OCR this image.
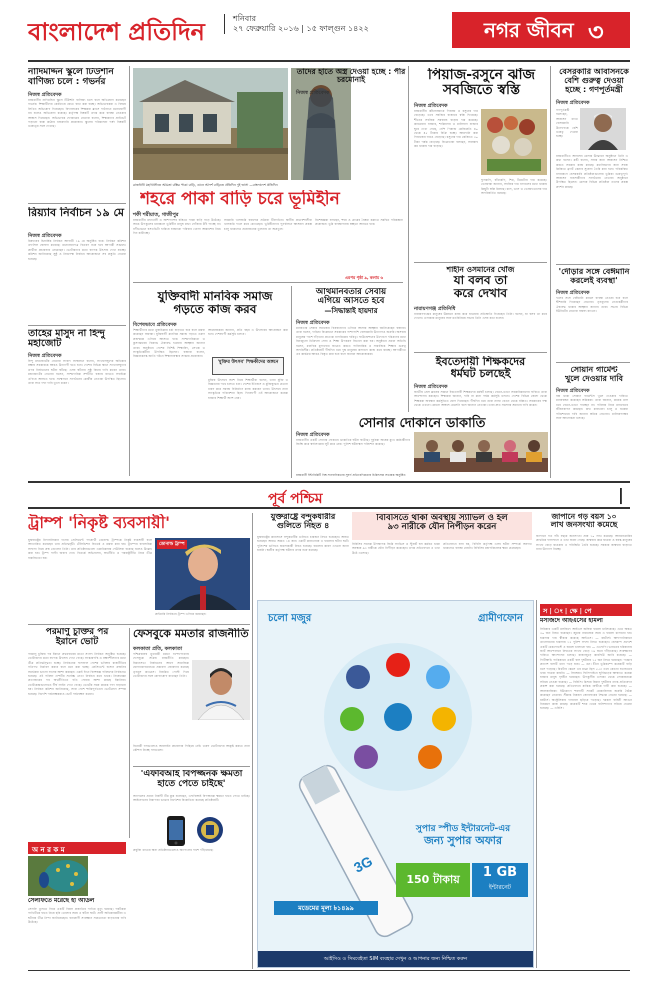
বাংলাদেশ প্রতিদিন	শনিবার
২৭ ফেব্রুয়ারি ২০১৬ | ১৫ ফাল্গুন ১৪২২	নগর জীবন ৩
নাদিমদ্দিন স্কুলে টিউশনি বাণিজ্য চলে : গভর্নর
নিজস্ব প্রতিবেদক
রাজধানীর নাদিমদ্দিন স্কুলে টিউশনি বাণিজ্য চলে বলে অভিযোগ করেছেন গভর্নর। শিক্ষার্থীদের কোচিংয়ে যেতে বাধ্য করা হচ্ছে। অভিভাবকরা এ বিষয়ে লিখিত অভিযোগ দিয়েছেন। বিদ্যালয়ের শিক্ষকরা ক্লাসে পাঠদানে মনোযোগী নন বলেও অভিযোগ রয়েছে। কর্তৃপক্ষ বিষয়টি তদন্ত করে ব্যবস্থা নেওয়ার আশ্বাস দিয়েছেন। অভিভাবক ফোরামের নেতারা বলেন, শিক্ষকদের প্রাইভেট পড়ানো বন্ধে কঠোর নজরদারি প্রয়োজন। স্কুলের পরিচালনা পর্ষদ বিষয়টি গুরুত্বের সঙ্গে দেখছে।
রিয়্যাব নির্বাচন ১৯ মে
নিজস্ব প্রতিবেদক
রিয়্যাবের দ্বিবার্ষিক নির্বাচন আগামী ১৯ মে অনুষ্ঠিত হবে। নির্বাচন কমিশন তফসিল ঘোষণা করেছে। মনোনয়নপত্র বিতরণ শুরু হবে আগামী সপ্তাহে। প্রার্থীরা প্রচারণায় নেমেছেন। ভোটারদের মধ্যে ব্যাপক উৎসাহ দেখা যাচ্ছে। কমিশন জানিয়েছে সুষ্ঠু ও নিরপেক্ষ নির্বাচন আয়োজনে সব প্রস্তুতি নেওয়া হয়েছে।
তাহের মাসুদ না হিন্দু মহাজোট
নিজস্ব প্রতিবেদক
হিন্দু মহাজোটের নেতারা সংবাদ সম্মেলনে বলেন, সংখ্যালঘুদের অধিকার রক্ষায় সরকারকে আরও উদ্যোগী হতে হবে। দেশের বিভিন্ন স্থানে সংখ্যালঘুদের ওপর নির্যাতনের ঘটনা ঘটছে। এসব ঘটনার সুষ্ঠু বিচার দাবি করেন তারা। মহাজোটের নেতারা বলেন, সাম্প্রদায়িক সম্প্রীতি বজায় রাখতে সবাইকে এগিয়ে আসতে হবে। সম্মেলনে সংগঠনের কেন্দ্রীয় নেতারা উপস্থিত ছিলেন। তারা সাত দফা দাবি তুলে ধরেন।
রাজধানী মহাখালীতে আমতা বস্তির পাকা বাড়ি, ডানে আদর্শ বাড়িতে প্রতিদিন দুই ভাসা —বাংলাদেশ প্রতিদিন
শহরে পাকা বাড়ি চরে ভূমিহীন
শফী শরীয়াত, গাজীপুর
রাজধানীর মহাখালী ও আশপাশের বস্তিতে পাকা বাড়ি গড়ে উঠেছে। অথচ উপকূলের চরাঞ্চলে ভূমিহীন মানুষ মাথা গোঁজার ঠাঁই পাচ্ছে না। নদীভাঙনে বসতভিটা হারিয়ে হাজারো পরিবার খোলা আকাশের নিচে দিন কাটাচ্ছে।
সরকারি খাসজমি বরাদ্দের প্রক্রিয়া ধীরগতির। স্থানীয় প্রভাবশালীরা খাসজমি দখল করে রেখেছেন। ভূমিহীনদের পুনর্বাসনে আশ্রয়ণ প্রকল্প চালু থাকলেও প্রয়োজনের তুলনায় তা অপ্রতুল।
বিশেষজ্ঞরা বলছেন, শহর ও গ্রামের বৈষম্য কমাতে সমন্বিত পরিকল্পনা প্রয়োজন। ভূমি ব্যবস্থাপনায় স্বচ্ছতা আনতে হবে।
এরপর পৃষ্ঠা ৯, কলাম ৬
যুক্তিবাদী মানবিক সমাজ
গড়তে কাজ করব
বিশেষভাবে প্রতিবেদক
শিক্ষার্থীদের মধ্যে মুক্তচিন্তার চর্চা বাড়াতে হবে বলে মন্তব্য করেছেন বক্তারা। যুক্তিবাদী মানবিক সমাজ গড়তে তরুণ প্রজন্মকে এগিয়ে আসতে হবে। সাম্প্রদায়িকতা ও কুসংস্কারের বিরুদ্ধে ঐক্যবদ্ধ হওয়ার আহ্বান জানান তারা। অনুষ্ঠানে দেশের বিশিষ্ট শিক্ষাবিদ, লেখক ও সংস্কৃতিকর্মীরা উপস্থিত ছিলেন। বক্তারা বলেন, বিজ্ঞানমনস্ক জাতি গঠনে শিক্ষাব্যবস্থার সংস্কার প্রয়োজন।
আয়োজকরা জানান, প্রতি বছর এ উৎসবের আয়োজন করা হবে। দেশব্যাপী কর্মসূচি চলবে।
'মুক্তির উৎসব' শিক্ষকীদের অঙ্গনে
মুক্তির উৎসবে অংশ নিয়ে শিক্ষার্থীরা বলেন, তারা যুক্তি ও বিজ্ঞানের পথে চলতে চান। দেশের ইতিহাস ও মুক্তিযুদ্ধের চেতনা ধারণ করে সমাজ বিনির্মাণে কাজ করবেন তারা। উৎসবে নানা সাংস্কৃতিক পরিবেশনা ছিল। দিনব্যাপী এই আয়োজনে কয়েক হাজার শিক্ষার্থী অংশ নেয়।
আর্থমানবতার সেবায়
এগিয়ে আসতে হবে
—সিদ্ধান্তাই হায়দার
নিজস্ব প্রতিবেদক
মানবতার সেবায় সমাজের বিত্তবানদের এগিয়ে আসার আহ্বান জানিয়েছেন বক্তারা। তারা বলেন, দারিদ্র্য বিমোচনে সরকারের পাশাপাশি বেসরকারি উদ্যোগও জরুরি। অসহায় মানুষের পাশে দাঁড়ানো প্রত্যেক নাগরিকের দায়িত্ব। ফাউন্ডেশনের উদ্যোগে দরিদ্রদের মধ্যে বিনামূল্যে চিকিৎসা সেবা ও শিক্ষা উপকরণ বিতরণ করা হয়। অনুষ্ঠানে প্রধান অতিথি বলেন, মানবিক মূল্যবোধ জাগ্রত করতে পারিবারিক ও সামাজিক শিক্ষার গুরুত্ব অপরিসীম। প্রতিষ্ঠানটি দীর্ঘদিন ধরে দুস্থ মানুষের কল্যাণে কাজ করে যাচ্ছে। আগামীতে এর কার্যক্রম আরও বিস্তৃত করা হবে বলে জানান আয়োজকরা।
তাদের হাতে অস্ত্র দেওয়া হচ্ছে : পীর চরমোনাই
নিজস্ব প্রতিবেদক
পিয়াজ-রসুনে ঝাঁজ
সবজিতে স্বস্তি
নিজস্ব প্রতিবেদক
রাজধানীর কাঁচাবাজারে পিয়াজ ও রসুনের দাম বেড়েছে। তবে সবজির বাজারে স্বস্তি ফিরেছে। শীতের সবজির সরবরাহ বাড়ায় দাম কমেছে। কারওয়ান বাজার, শান্তিনগর ও মালিবাগ বাজার ঘুরে দেখা গেছে, দেশি পিয়াজ কেজিপ্রতি ৪০ থেকে ৪৫ টাকায় বিক্রি হচ্ছে। আমদানি করা পিয়াজের দামও বেড়েছে। রসুনের দাম কেজিতে ২০ টাকা পর্যন্ত বেড়েছে। বিক্রেতারা বলছেন, সরবরাহ কম থাকায় দাম বাড়ছে।
ফুলকপি, বাঁধাকপি, শিম, টমেটোর দাম কমেছে। ভোক্তারা জানান, সবজির দাম নাগালের মধ্যে থাকায় কিছুটা স্বস্তি মিলছে। চাল, ডাল ও ভোজ্যতেলের দাম অপরিবর্তিত রয়েছে।
শাহীন ওসমানের খোঁজ
যা বলব তা
করে দেখাব
নারায়ণগঞ্জ প্রতিনিধি
নারায়ণগঞ্জের মানুষের উন্নয়নে কাজ করে যাওয়ার প্রতিশ্রুতি দিয়েছেন তিনি। বলেন, যা বলব তা করে দেখাব। এলাকার মানুষের সঙ্গে মতবিনিময় সভায় তিনি এসব কথা বলেন।
ইবতেদায়ী শিক্ষকদের
ধর্মঘট চলছেই
নিজস্ব প্রতিবেদক
জাতীয় প্রেস ক্লাবের সামনে ইবতেদায়ী শিক্ষকদের ধর্মঘট চলছে। বেতন-ভাতা সরকারিকরণের দাবিতে তারা আন্দোলন করছেন। শিক্ষকরা জানান, দাবি না মানা পর্যন্ত কর্মসূচি চলবে। দেশের বিভিন্ন জেলা থেকে শিক্ষকরা অবস্থান কর্মসূচিতে যোগ দিয়েছেন। দীর্ঘদিন ধরে তারা ন্যায্য বেতন থেকে বঞ্চিত। সরকারের পক্ষ থেকে এখনো কোনো আশ্বাস মেলেনি বলে জানান নেতারা। তারা দ্রুত সমস্যার সমাধান দাবি করেন।
বেসরকারি আবাসনকে
বেশি গুরুত্ব দেওয়া
হচ্ছে : গণপূর্তমন্ত্রী
নিজস্ব প্রতিবেদক
গণপূর্তমন্ত্রী বলেছেন, আবাসন খাতে বেসরকারি উদ্যোগকে বেশি গুরুত্ব দেওয়া হচ্ছে।
রাজধানীতে আবাসন মেলার উদ্বোধন অনুষ্ঠানে তিনি এ কথা বলেন। মন্ত্রী বলেন, সবার জন্য আবাসন নিশ্চিত করতে সরকার কাজ করছে। মধ্যবিত্তদের জন্য সহজ কিস্তিতে ফ্ল্যাট কেনার সুযোগ তৈরি করা হবে। পরিকল্পিত নগরায়ণে বেসরকারি প্রতিষ্ঠানগুলোর ভূমিকা গুরুত্বপূর্ণ। আবাসন ব্যবসায়ীদের সংগঠনের নেতারা অনুষ্ঠানে উপস্থিত ছিলেন। মেলায় বিভিন্ন প্রতিষ্ঠান তাদের প্রকল্প প্রদর্শন করছে।
'দৌড়ার সঙ্গে বেঈমানি
করলেই ব্যবস্থা'
নিজস্ব প্রতিবেদক
দলের সঙ্গে বেঈমানি করলে ব্যবস্থা নেওয়া হবে বলে হুঁশিয়ারি দিয়েছেন নেতারা। তৃণমূলের নেতাকর্মীদের ঐক্যবদ্ধ থাকার আহ্বান জানান তারা। সভায় বিভিন্ন ইউনিটের নেতারা বক্তব্য রাখেন।
সোয়ান গার্মেন্ট
খুলে দেওয়ার দাবি
নিজস্ব প্রতিবেদক
বন্ধ থাকা সোয়ান গার্মেন্টস খুলে দেওয়ার দাবিতে মানববন্ধন করেছেন শ্রমিকরা। তারা জানান, কয়েক মাস ধরে বেতন-ভাতা পাচ্ছেন না। পরিবার নিয়ে মানবেতর জীবনযাপন করছেন। দ্রুত কারখানা চালু ও বকেয়া পরিশোধের দাবি জানান শ্রমিক নেতারা। মালিকপক্ষের সঙ্গে আলোচনা চলছে।
সোনার দোকানে ডাকাতি
নিজস্ব প্রতিবেদক
রাজধানীর একটি সোনার দোকানে ডাকাতির ঘটনা ঘটেছে। দুর্বৃত্তরা অস্ত্রের মুখে কর্মচারীদের জিম্মি করে স্বর্ণালংকার লুট করে নেয়। পুলিশ ঘটনাস্থল পরিদর্শন করেছে।
রাজধানী ইন্টারিমিটি বিশ্ব সাংবাদিকতার সুবর্ণ প্রতিবেদিকতায় চিকিৎসক সভায়ক অনুষ্ঠিত
পূর্ব পশ্চিম	|
ট্রাম্প 'নিকৃষ্ট ব্যবসায়ী'
যুক্তরাষ্ট্রের রিপাবলিকান দলের প্রেসিডেন্ট পদপ্রার্থী ডোনাল্ড ট্রাম্পকে নিকৃষ্ট ব্যবসায়ী বলে আখ্যায়িত করেছেন তার প্রতিদ্বন্দ্বী। টেলিভিশন বিতর্কে এ মন্তব্য করা হয়। ট্রাম্পের ব্যবসায়িক সাফল্য নিয়ে প্রশ্ন তোলেন তিনি। তার প্রতিষ্ঠানগুলো একাধিকবার দেউলিয়া হয়েছে বলেও উল্লেখ করা হয়। ট্রাম্প পাল্টা জবাব দেন। বিতর্কে অভিবাসন, অর্থনীতি ও পররাষ্ট্রনীতি নিয়ে তীব্র বাকবিতণ্ডা হয়।
ডোনাল্ড ট্রাম্প
প্রাইমারি নির্বাচনে ট্রাম্প এগিয়ে রয়েছেন।
পরমাণু চুক্তির পর
ইরানে ভোট
পরমাণু চুক্তির পর ইরানে প্রথমবারের মতো সংসদ নির্বাচন অনুষ্ঠিত হয়েছে। ভোটারদের মধ্যে ব্যাপক উৎসাহ দেখা গেছে। সংস্কারপন্থি ও রক্ষণশীলদের মধ্যে তীব্র প্রতিদ্বন্দ্বিতা হচ্ছে। নির্বাচনের ফলাফল দেশের ভবিষ্যৎ রাজনীতির গতিপথ নির্ধারণ করবে বলে মনে করা হচ্ছে। প্রেসিডেন্ট হাসান রুহানির সমর্থকরা ভালো ফলের আশা করছেন। একই দিনে বিশেষজ্ঞ পরিষদের নির্বাচনও হয়েছে। এই পরিষদ দেশটির সর্বোচ্চ নেতা নির্বাচন করে থাকে। নিষেধাজ্ঞা প্রত্যাহারের পর অর্থনীতিতে গতি ফেরার আশা করছে ইরানিরা। ভোটকেন্দ্রগুলোতে দীর্ঘ লাইন দেখা গেছে। ভোটের সময় কয়েক দফা বাড়ানো হয়। নির্বাচন কমিশন জানিয়েছে, সারা দেশে শান্তিপূর্ণভাবে ভোটগ্রহণ সম্পন্ন হয়েছে। বিদেশি পর্যবেক্ষকরাও ভোট পর্যবেক্ষণ করেন।
ফেসবুকে মমতার রাজনীতি
কলকাতা প্রতি, কলকাতা
পশ্চিমবঙ্গের মুখ্যমন্ত্রী মমতা বন্দ্যোপাধ্যায় ফেসবুকে সক্রিয় রাজনীতি করছেন। বিধানসভা নির্বাচনের আগে সামাজিক যোগাযোগমাধ্যমে প্রচারণা জোরদার করেছে তৃণমূল কংগ্রেস। নিয়মিত পোস্ট দিয়ে ভোটারদের সঙ্গে যোগাযোগ রাখছেন তিনি।
বিরোধী দলগুলোও অনলাইন প্রচারণায় পিছিয়ে নেই। তরুণ ভোটারদের আকৃষ্ট করতে নানা কৌশল নিচ্ছে দলগুলো।
'এফবিআই বিপজ্জনক ক্ষমতা
হাতে পেতে চাইছে'
অ্যাপলের প্রধান নির্বাহী টিম কুক বলেছেন, এফবিআই বিপজ্জনক ক্ষমতা হাতে পেতে চাইছে। আইফোনের নিরাপত্তা ভাঙার নির্দেশের বিরোধিতা করেছে প্রতিষ্ঠানটি।
প্রযুক্তি খাতের অন্য প্রতিষ্ঠানগুলোও অ্যাপলের পাশে দাঁড়িয়েছে।
অ ন র ক ম
সেলফিতে মরেছে হাঁ আউল
সেলফি তুলতে গিয়ে একটি বিরল প্রজাতির পাখির মৃত্যু হয়েছে। পর্যটকরা পাখিটিকে হাতে নিয়ে ছবি তোলার সময় এ ঘটনা ঘটে। প্রাণী অধিকারকর্মীরা এ ঘটনার তীব্র নিন্দা জানিয়েছেন। বন্যপ্রাণী সংরক্ষণে সচেতনতা বাড়ানোর দাবি উঠেছে।
যুক্তরাষ্ট্রে বন্দুকধারীর
গুলিতে নিহত ৪
যুক্তরাষ্ট্রের কানসাসে বন্দুকধারীর গুলিতে চারজন নিহত হয়েছেন। আহত হয়েছেন আরও অন্তত ১৪ জন। একটি কারখানায় এ হামলার ঘটনা ঘটে। পুলিশের গুলিতে হামলাকারী নিহত হয়েছে। হামলার কারণ এখনো জানা যায়নি। স্থানীয় কর্তৃপক্ষ ঘটনার তদন্ত শুরু করেছে।
বিবিসিতে থাকা অবস্থায় স্যাভিল ও হল
৯৩ নারীকে যৌন নিপীড়ন করেন
বিবিসির সাবেক উপস্থাপক জিমি স্যাভিল ও স্টুয়ার্ট হল কর্মরত থাকা অবস্থায় ৯৩ নারীকে যৌন নিপীড়ন করেছেন। তদন্ত প্রতিবেদনে এ তথ্য উঠে এসেছে।
প্রতিবেদনে বলা হয়, বিবিসি কর্তৃপক্ষ এসব ঘটনা সম্পর্কে অবগত থাকলেও ব্যবস্থা নেয়নি। বিবিসির মহাপরিচালক ক্ষমা চেয়েছেন।
জাপানে গড় বয়স ১০
লাখ জনসংখ্যা কমেছে
জাপানে গত পাঁচ বছরে জনসংখ্যা প্রায় ১০ লাখ কমেছে। আদমশুমারির প্রাথমিক ফলাফলে এ তথ্য জানা গেছে। জন্মহার কমে যাওয়া ও বয়স্ক মানুষের সংখ্যা বেড়ে যাওয়ায় এ পরিস্থিতি তৈরি হয়েছে। সরকার জন্মহার বাড়াতে নানা উদ্যোগ নিচ্ছে।
স | ং | ক্ষে | পে
মসজিদে আইএসের হামলা
সিরিয়ার একটি মসজিদে আইএস জঙ্গিরা হামলা চালিয়েছে। এতে অন্তত ২০ জন নিহত হয়েছেন। জুমার নামাজের সময় এ হামলা চালানো হয়। হামলার দায় স্বীকার করেছে আইএস। — রয়টার্স। আফগানিস্তানে তালেবানের হামলায় ১২ পুলিশ সদস্য নিহত হয়েছেন। হেলমান্দ প্রদেশে একটি চেকপোস্টে এ হামলা চালানো হয়। — এএফপি। ভারতের হরিয়ানায় জাট আন্দোলনে নিহতের সংখ্যা বেড়ে ১৯ জনে দাঁড়িয়েছে। সংরক্ষণের দাবিতে আন্দোলন চলছে। রাজ্যজুড়ে কারফিউ জারি রয়েছে। — পিটিআই। পাকিস্তানে একটি বাস দুর্ঘটনায় ১৫ জন নিহত হয়েছেন। পাঞ্জাব প্রদেশে বাসটি খাদে পড়ে যায়। — ডন। চীনে ভূমিকম্পে কয়েকটি বাড়ি ধসে পড়েছে। রিখটার স্কেলে এর মাত্রা ছিল ৫.২। তবে কোনো হতাহতের খবর পাওয়া যায়নি। — সিনহুয়া। ফিলিপাইনে ঘূর্ণিঝড়ের আঘাতে কয়েক হাজার মানুষ গৃহহীন হয়েছেন। উপকূলীয় এলাকা থেকে লোকজনকে সরিয়ে নেওয়া হয়েছে। — বিবিসি। মিসরে বিমান দুর্ঘটনার তদন্ত প্রতিবেদন প্রকাশ করা হয়েছে। প্রতিবেদনে যান্ত্রিক ত্রুটিকে দায়ী করা হয়েছে। — আলজাজিরা। ইউরোপে শরণার্থী সংকট মোকাবিলায় জরুরি বৈঠক করেছেন নেতারা। সীমান্ত নিয়ন্ত্রণ জোরদারের সিদ্ধান্ত নেওয়া হয়েছে। — রয়টার্স। অস্ট্রেলিয়ায় দাবানল ছড়িয়ে পড়েছে। দমকল বাহিনী আগুন নিয়ন্ত্রণে কাজ করছে। কয়েকটি শহর থেকে বাসিন্দাদের সরিয়ে নেওয়া হয়েছে। — এবিসি।
চলো মজুর	গ্রামীণফোন
3G
সুপার স্পীড ইন্টারনেট-এর
জন্য সুপার অফার
150 টাকায়	1 GB
ইন্টারনেট
মডেমের মূল্য ৳১৪৯৯
আইসিও ও সিমবেইতা SIM ব্যবহার দেখুন ও আপনার জন্য নিশ্চিত করুন
